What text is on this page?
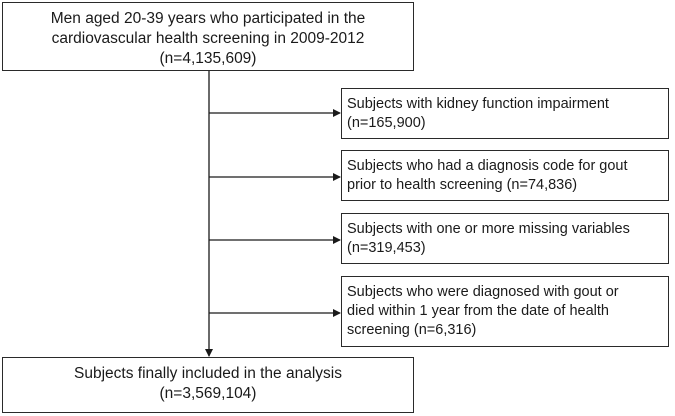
Men aged 20-39 years who participated in the
cardiovascular health screening in 2009-2012
(n=4,135,609)
Subjects with kidney function impairment
(n=165,900)
Subjects who had a diagnosis code for gout
prior to health screening (n=74,836)
Subjects with one or more missing variables
(n=319,453)
Subjects who were diagnosed with gout or
died within 1 year from the date of health
screening (n=6,316)
Subjects finally included in the analysis
(n=3,569,104)
